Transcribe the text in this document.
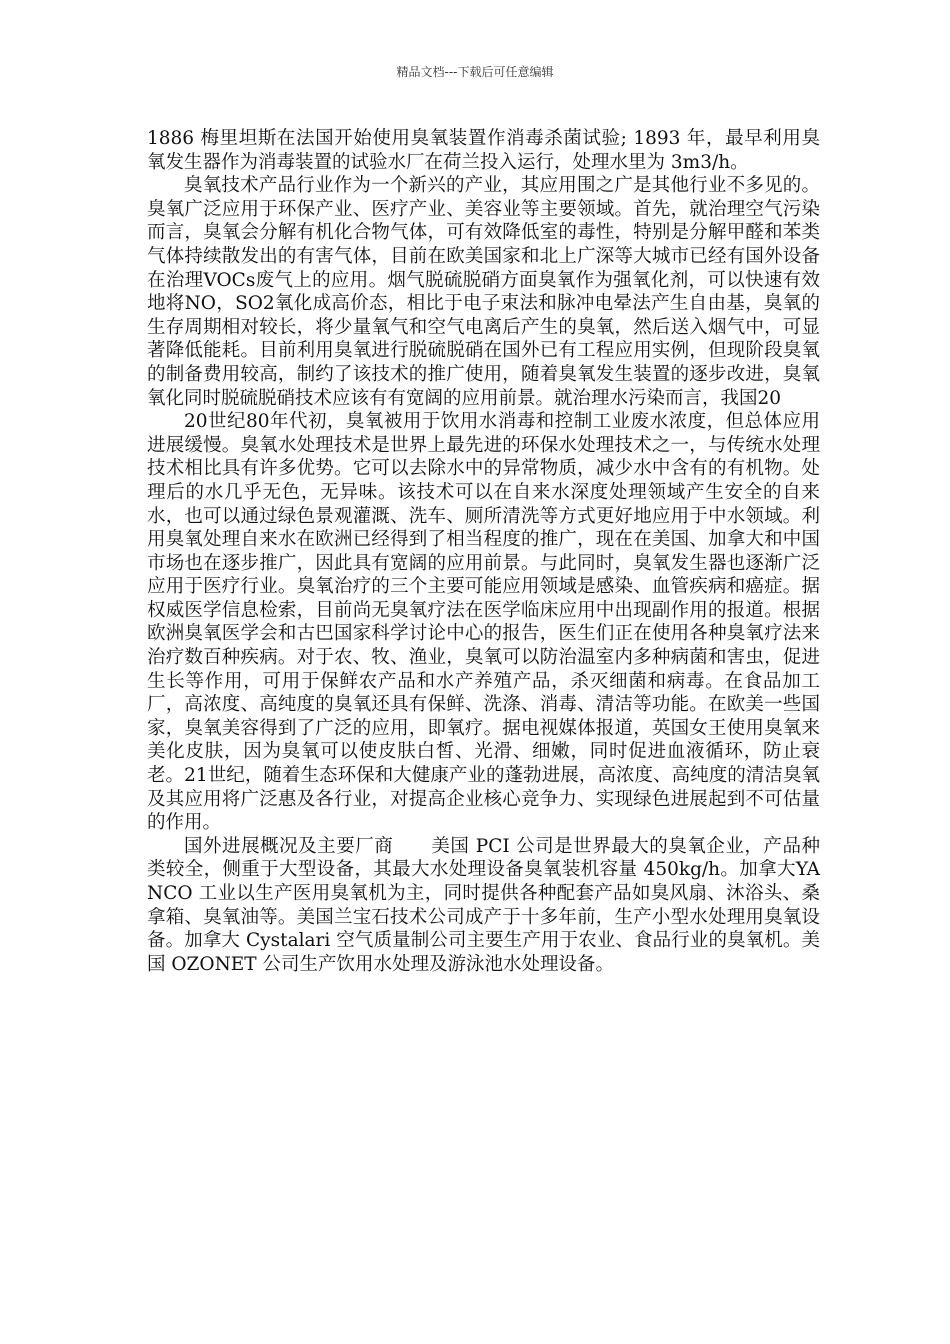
精品文档---下载后可任意编辑

1886 梅里坦斯在法国开始使用臭氧装置作消毒杀菌试验; 1893 年，最早利用臭氧发生器作为消毒装置的试验水厂在荷兰投入运行，处理水里为 3m3/h。

臭氧技术产品行业作为一个新兴的产业，其应用围之广是其他行业不多见的。臭氧广泛应用于环保产业、医疗产业、美容业等主要领域。首先，就治理空气污染而言，臭氧会分解有机化合物气体，可有效降低室的毒性，特别是分解甲醛和苯类气体持续散发出的有害气体，目前在欧美国家和北上广深等大城市已经有国外设备在治理VOCs废气上的应用。烟气脱硫脱硝方面臭氧作为强氧化剂，可以快速有效地将NO，SO2氧化成高价态，相比于电子束法和脉冲电晕法产生自由基，臭氧的生存周期相对较长，将少量氧气和空气电离后产生的臭氧，然后送入烟气中，可显著降低能耗。目前利用臭氧进行脱硫脱硝在国外已有工程应用实例，但现阶段臭氧的制备费用较高，制约了该技术的推广使用，随着臭氧发生装置的逐步改进，臭氧氧化同时脱硫脱硝技术应该有有宽阔的应用前景。就治理水污染而言，我国20

20世纪80年代初，臭氧被用于饮用水消毒和控制工业废水浓度，但总体应用进展缓慢。臭氧水处理技术是世界上最先进的环保水处理技术之一，与传统水处理技术相比具有许多优势。它可以去除水中的异常物质，减少水中含有的有机物。处理后的水几乎无色，无异味。该技术可以在自来水深度处理领域产生安全的自来水，也可以通过绿色景观灌溉、洗车、厕所清洗等方式更好地应用于中水领域。利用臭氧处理自来水在欧洲已经得到了相当程度的推广，现在在美国、加拿大和中国市场也在逐步推广，因此具有宽阔的应用前景。与此同时，臭氧发生器也逐渐广泛应用于医疗行业。臭氧治疗的三个主要可能应用领域是感染、血管疾病和癌症。据权威医学信息检索，目前尚无臭氧疗法在医学临床应用中出现副作用的报道。根据欧洲臭氧医学会和古巴国家科学讨论中心的报告，医生们正在使用各种臭氧疗法来治疗数百种疾病。对于农、牧、渔业，臭氧可以防治温室内多种病菌和害虫，促进生长等作用，可用于保鲜农产品和水产养殖产品，杀灭细菌和病毒。在食品加工厂，高浓度、高纯度的臭氧还具有保鲜、洗涤、消毒、清洁等功能。在欧美一些国家，臭氧美容得到了广泛的应用，即氧疗。据电视媒体报道，英国女王使用臭氧来美化皮肤，因为臭氧可以使皮肤白皙、光滑、细嫩，同时促进血液循环，防止衰老。21世纪，随着生态环保和大健康产业的蓬勃进展，高浓度、高纯度的清洁臭氧及其应用将广泛惠及各行业，对提高企业核心竞争力、实现绿色进展起到不可估量的作用。

国外进展概况及主要厂商　　美国 PCI 公司是世界最大的臭氧企业，产品种类较全，侧重于大型设备，其最大水处理设备臭氧装机容量 450kg/h。加拿大YANCO 工业以生产医用臭氧机为主，同时提供各种配套产品如臭风扇、沐浴头、桑拿箱、臭氧油等。美国兰宝石技术公司成产于十多年前，生产小型水处理用臭氧设备。加拿大 Cystalari 空气质量制公司主要生产用于农业、食品行业的臭氧机。美国 OZONET 公司生产饮用水处理及游泳池水处理设备。
